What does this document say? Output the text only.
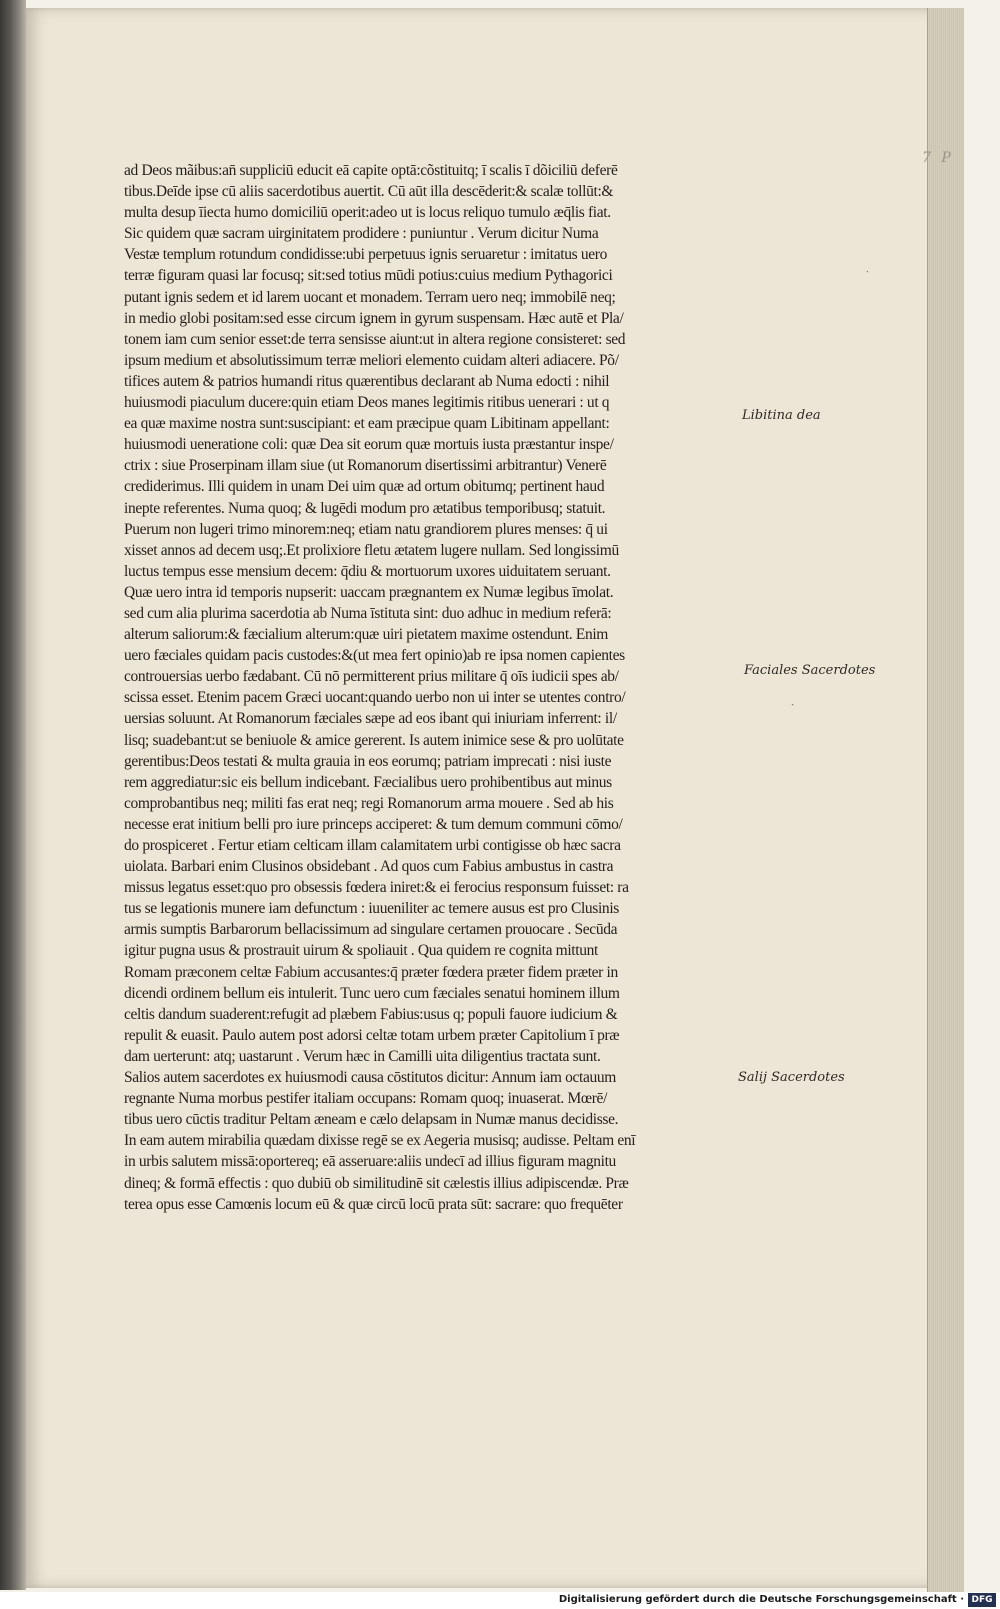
7 P
ad Deos mãibus:an̄ suppliciū educit eā capite optā:cõstituitq; ī scalis ī dõiciliū deferē
tibus.Deīde ipse cū aliis sacerdotibus auertit. Cū aūt illa descēderit:& scalæ tollūt:&
multa desup īiecta humo domiciliū operit:adeo ut is locus reliquo tumulo æq̄lis fiat.
Sic quidem quæ sacram uirginitatem prodidere : puniuntur . Verum dicitur Numa
Vestæ templum rotundum condidisse:ubi perpetuus ignis seruaretur : imitatus uero
terræ figuram quasi lar focusq; sit:sed totius mūdi potius:cuius medium Pythagorici
putant ignis sedem et id larem uocant et monadem. Terram uero neq; immobilē neq;
in medio globi positam:sed esse circum ignem in gyrum suspensam. Hæc autē et Pla/
tonem iam cum senior esset:de terra sensisse aiunt:ut in altera regione consisteret: sed
ipsum medium et absolutissimum terræ meliori elemento cuidam alteri adiacere. Põ/
tifices autem & patrios humandi ritus quærentibus declarant ab Numa edocti : nihil
huiusmodi piaculum ducere:quin etiam Deos manes legitimis ritibus uenerari : ut q
ea quæ maxime nostra sunt:suscipiant: et eam præcipue quam Libitinam appellant:
huiusmodi ueneratione coli: quæ Dea sit eorum quæ mortuis iusta præstantur inspe/
ctrix : siue Proserpinam illam siue (ut Romanorum disertissimi arbitrantur) Venerē
crediderimus. Illi quidem in unam Dei uim quæ ad ortum obitumq; pertinent haud
inepte referentes. Numa quoq; & lugēdi modum pro ætatibus temporibusq; statuit.
Puerum non lugeri trimo minorem:neq; etiam natu grandiorem plures menses: q̄ ui
xisset annos ad decem usq;.Et prolixiore fletu ætatem lugere nullam. Sed longissimū
luctus tempus esse mensium decem: q̄diu & mortuorum uxores uiduitatem seruant.
Quæ uero intra id temporis nupserit: uaccam prægnantem ex Numæ legibus īmolat.
sed cum alia plurima sacerdotia ab Numa īstituta sint: duo adhuc in medium referā:
alterum saliorum:& fæcialium alterum:quæ uiri pietatem maxime ostendunt. Enim
uero fæciales quidam pacis custodes:&(ut mea fert opinio)ab re ipsa nomen capientes
controuersias uerbo fædabant. Cū nō permitterent prius militare q̄ oīs iudicii spes ab/
scissa esset. Etenim pacem Græci uocant:quando uerbo non ui inter se utentes contro/
uersias soluunt. At Romanorum fæciales sæpe ad eos ibant qui iniuriam inferrent: il/
lisq; suadebant:ut se beniuole & amice gererent. Is autem inimice sese & pro uolūtate
gerentibus:Deos testati & multa grauia in eos eorumq; patriam imprecati : nisi iuste
rem aggrediatur:sic eis bellum indicebant. Fæcialibus uero prohibentibus aut minus
comprobantibus neq; militi fas erat neq; regi Romanorum arma mouere . Sed ab his
necesse erat initium belli pro iure princeps acciperet: & tum demum communi cōmo/
do prospiceret . Fertur etiam celticam illam calamitatem urbi contigisse ob hæc sacra
uiolata. Barbari enim Clusinos obsidebant . Ad quos cum Fabius ambustus in castra
missus legatus esset:quo pro obsessis fœdera iniret:& ei ferocius responsum fuisset: ra
tus se legationis munere iam defunctum : iuueniliter ac temere ausus est pro Clusinis
armis sumptis Barbarorum bellacissimum ad singulare certamen prouocare . Secūda
igitur pugna usus & prostrauit uirum & spoliauit . Qua quidem re cognita mittunt
Romam præconem celtæ Fabium accusantes:q̄ præter fœdera præter fidem præter in
dicendi ordinem bellum eis intulerit. Tunc uero cum fæciales senatui hominem illum
celtis dandum suaderent:refugit ad plæbem Fabius:usus q; populi fauore iudicium &
repulit & euasit. Paulo autem post adorsi celtæ totam urbem præter Capitolium ī præ
dam uerterunt: atq; uastarunt . Verum hæc in Camilli uita diligentius tractata sunt.
Salios autem sacerdotes ex huiusmodi causa cōstitutos dicitur: Annum iam octauum
regnante Numa morbus pestifer italiam occupans: Romam quoq; inuaserat. Mœrē/
tibus uero cūctis traditur Peltam æneam e cælo delapsam in Numæ manus decidisse.
In eam autem mirabilia quædam dixisse regē se ex Aegeria musisq; audisse. Peltam enī
in urbis salutem missā:oportereq; eā asseruare:aliis undecī ad illius figuram magnitu
dineq; & formā effectis : quo dubiū ob similitudinē sit cælestis illius adipiscendæ. Præ
terea opus esse Camœnis locum eū & quæ circū locū prata sūt: sacrare: quo frequēter
Libitina dea
Faciales Sacerdotes
Salij Sacerdotes
ˎ
ˏ
Digitalisierung gefördert durch die Deutsche Forschungsgemeinschaft · DFG
